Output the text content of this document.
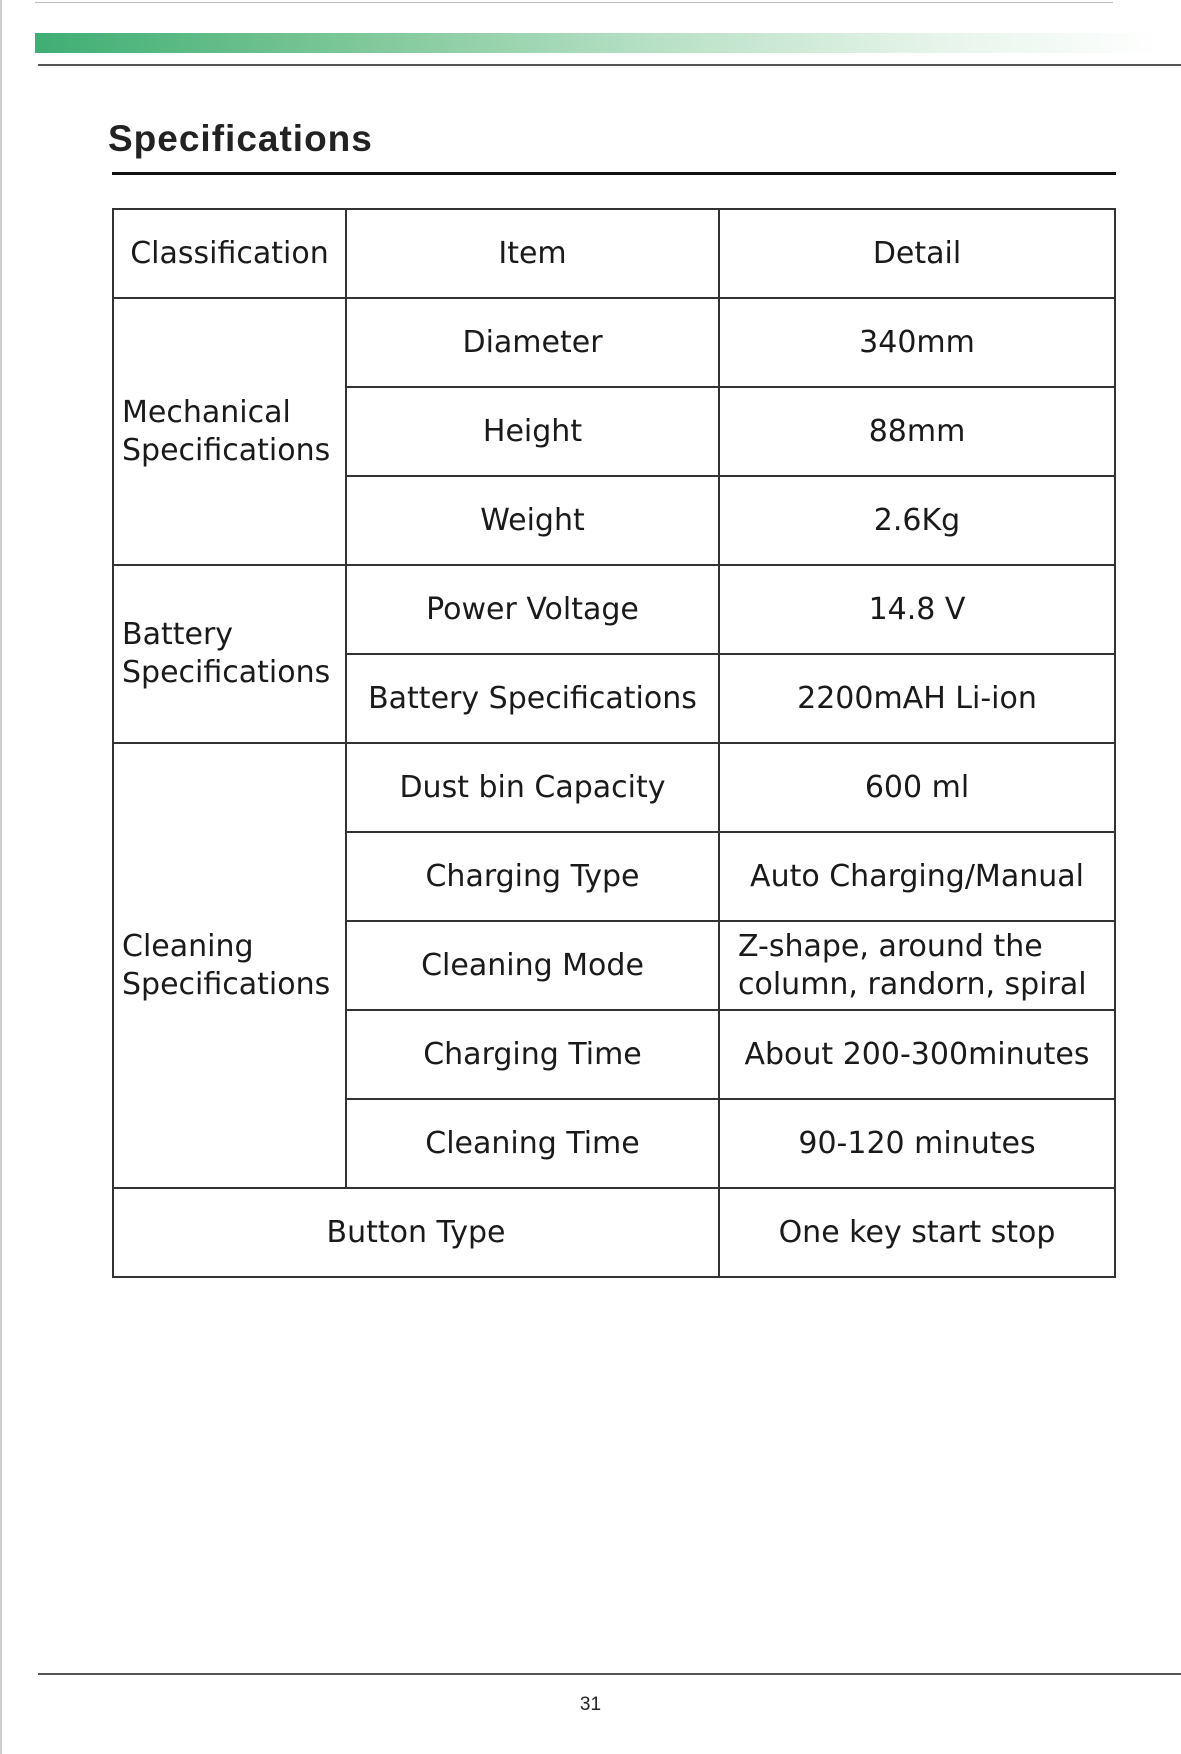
Specifications
Classification	Item	Detail

Mechanical
Specifications	Diameter	340mm
	Height	88mm
	Weight	2.6Kg

Battery
Specifications	Power Voltage	14.8 V
	Battery Specifications	2200mAH Li-ion

Cleaning
Specifications	Dust bin Capacity	600 ml
	Charging Type	Auto Charging/Manual
	Cleaning Mode	Z-shape, around the
column, randorn, spiral

	Charging Time	About 200-300minutes
	Cleaning Time	90-120 minutes
Button Type		One key start stop
31
